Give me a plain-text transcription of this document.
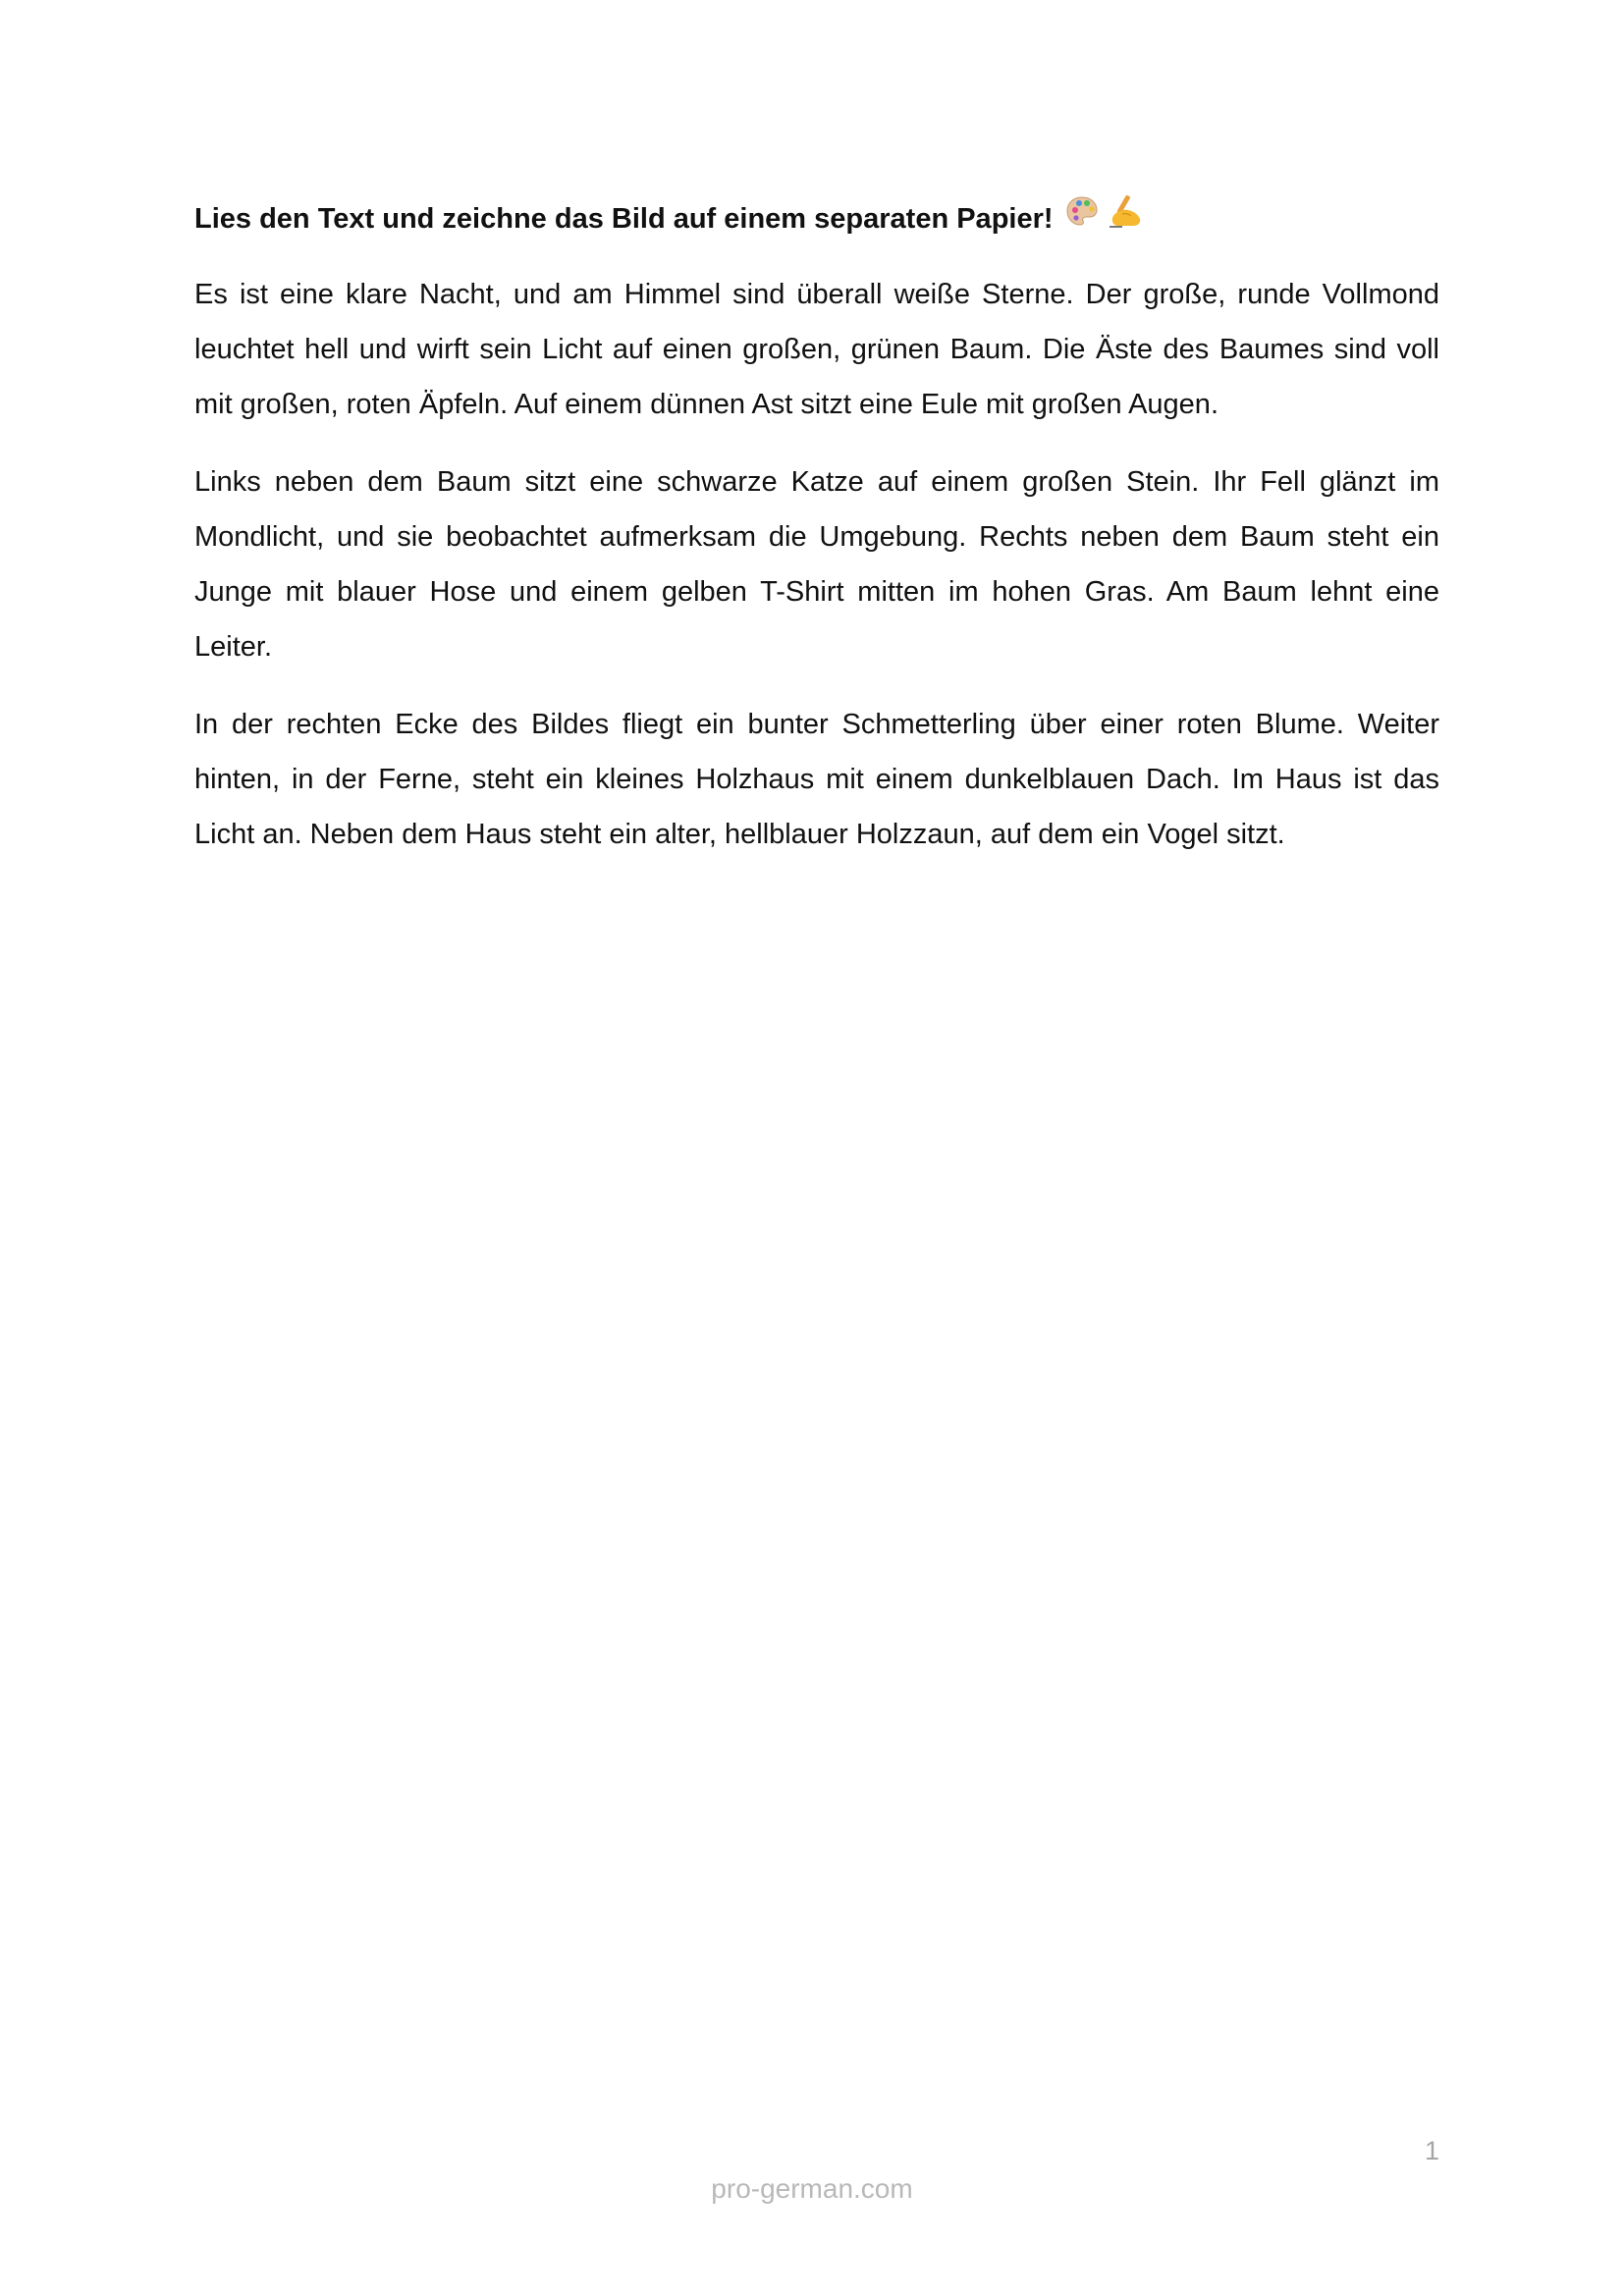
Lies den Text und zeichne das Bild auf einem separaten Papier!

Es ist eine klare Nacht, und am Himmel sind überall weiße Sterne. Der große, runde Vollmond leuchtet hell und wirft sein Licht auf einen großen, grünen Baum. Die Äste des Baumes sind voll mit großen, roten Äpfeln. Auf einem dünnen Ast sitzt eine Eule mit großen Augen.

Links neben dem Baum sitzt eine schwarze Katze auf einem großen Stein. Ihr Fell glänzt im Mondlicht, und sie beobachtet aufmerksam die Umgebung. Rechts neben dem Baum steht ein Junge mit blauer Hose und einem gelben T-Shirt mitten im hohen Gras. Am Baum lehnt eine Leiter.

In der rechten Ecke des Bildes fliegt ein bunter Schmetterling über einer roten Blume. Weiter hinten, in der Ferne, steht ein kleines Holzhaus mit einem dunkelblauen Dach. Im Haus ist das Licht an. Neben dem Haus steht ein alter, hellblauer Holzzaun, auf dem ein Vogel sitzt.

1
pro-german.com
